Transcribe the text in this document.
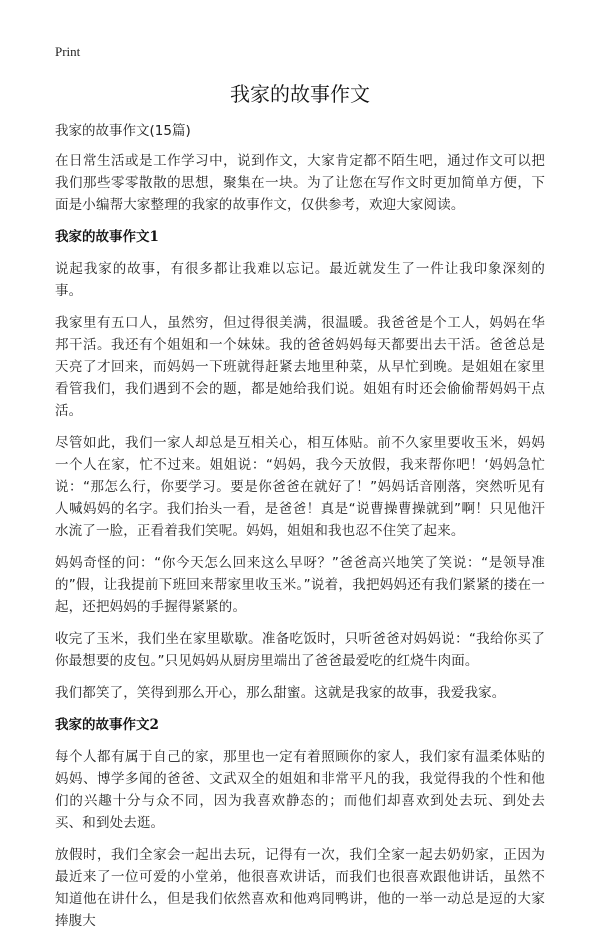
Print
我家的故事作文
我家的故事作文(15篇)

在日常生活或是工作学习中，说到作文，大家肯定都不陌生吧，通过作文可以把我们那些零零散散的思想，聚集在一块。为了让您在写作文时更加简单方便，下面是小编帮大家整理的我家的故事作文，仅供参考，欢迎大家阅读。

我家的故事作文1

说起我家的故事，有很多都让我难以忘记。最近就发生了一件让我印象深刻的事。

我家里有五口人，虽然穷，但过得很美满，很温暖。我爸爸是个工人，妈妈在华邦干活。我还有个姐姐和一个妹妹。我的爸爸妈妈每天都要出去干活。爸爸总是天亮了才回来，而妈妈一下班就得赶紧去地里种菜，从早忙到晚。是姐姐在家里看管我们，我们遇到不会的题，都是她给我们说。姐姐有时还会偷偷帮妈妈干点活。

尽管如此，我们一家人却总是互相关心，相互体贴。前不久家里要收玉米，妈妈一个人在家，忙不过来。姐姐说：“妈妈，我今天放假，我来帮你吧！‘妈妈急忙说：“那怎么行，你要学习。要是你爸爸在就好了！”妈妈话音刚落，突然听见有人喊妈妈的名字。我们抬头一看，是爸爸！真是“说曹操曹操就到”啊！只见他汗水流了一脸，正看着我们笑呢。妈妈，姐姐和我也忍不住笑了起来。

妈妈奇怪的问：“你今天怎么回来这么早呀？”爸爸高兴地笑了笑说：“是领导准的”假，让我提前下班回来帮家里收玉米。”说着，我把妈妈还有我们紧紧的搂在一起，还把妈妈的手握得紧紧的。

收完了玉米，我们坐在家里歇歇。准备吃饭时，只听爸爸对妈妈说：“我给你买了你最想要的皮包。”只见妈妈从厨房里端出了爸爸最爱吃的红烧牛肉面。

我们都笑了，笑得到那么开心，那么甜蜜。这就是我家的故事，我爱我家。

我家的故事作文2

每个人都有属于自己的家，那里也一定有着照顾你的家人，我们家有温柔体贴的妈妈、博学多闻的爸爸、文武双全的姐姐和非常平凡的我，我觉得我的个性和他们的兴趣十分与众不同，因为我喜欢静态的；而他们却喜欢到处去玩、到处去买、和到处去逛。

放假时，我们全家会一起出去玩，记得有一次，我们全家一起去奶奶家，正因为最近来了一位可爱的小堂弟，他很喜欢讲话，而我们也很喜欢跟他讲话，虽然不知道他在讲什么，但是我们依然喜欢和他鸡同鸭讲，他的一举一动总是逗的大家捧腹大
